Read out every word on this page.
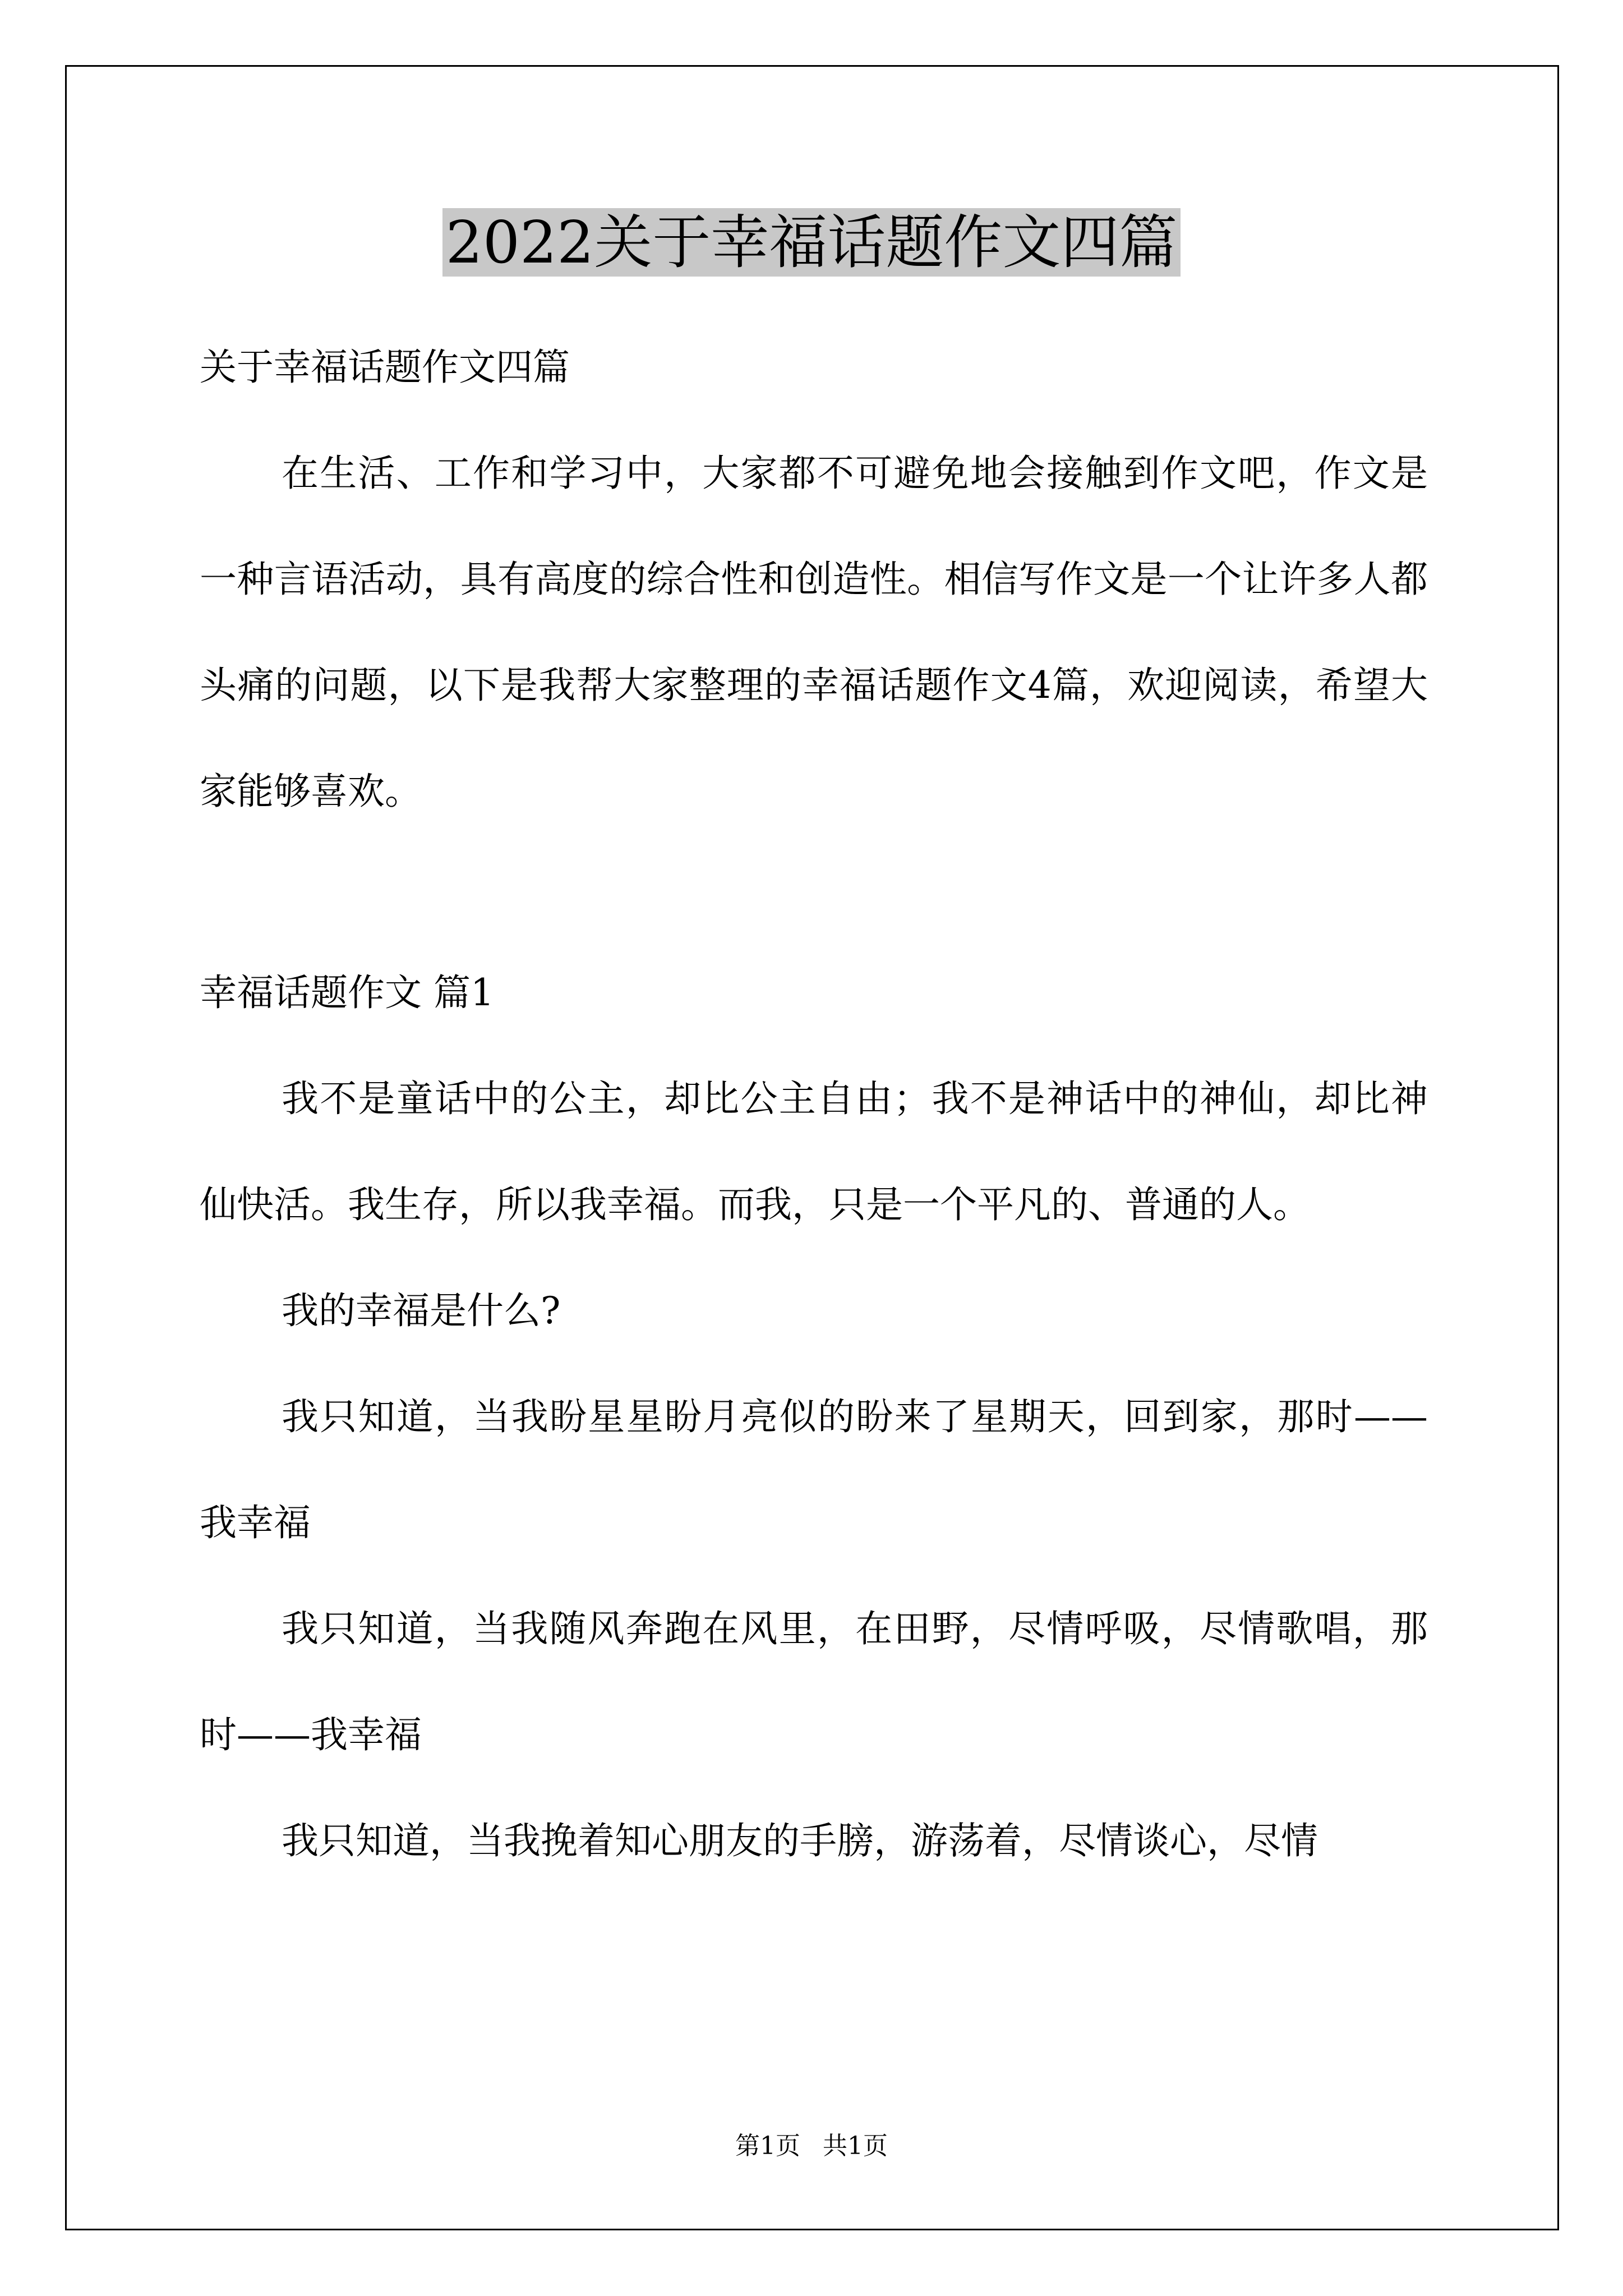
2022关于幸福话题作文四篇

关于幸福话题作文四篇

在生活、工作和学习中，大家都不可避免地会接触到作文吧，作文是一种言语活动，具有高度的综合性和创造性。相信写作文是一个让许多人都头痛的问题，以下是我帮大家整理的幸福话题作文4篇，欢迎阅读，希望大家能够喜欢。

幸福话题作文 篇1

我不是童话中的公主，却比公主自由；我不是神话中的神仙，却比神仙快活。我生存，所以我幸福。而我，只是一个平凡的、普通的人。

我的幸福是什么?

我只知道，当我盼星星盼月亮似的盼来了星期天，回到家，那时——我幸福

我只知道，当我随风奔跑在风里，在田野，尽情呼吸，尽情歌唱，那时——我幸福

我只知道，当我挽着知心朋友的手膀，游荡着，尽情谈心，尽情

第1页 共1页
